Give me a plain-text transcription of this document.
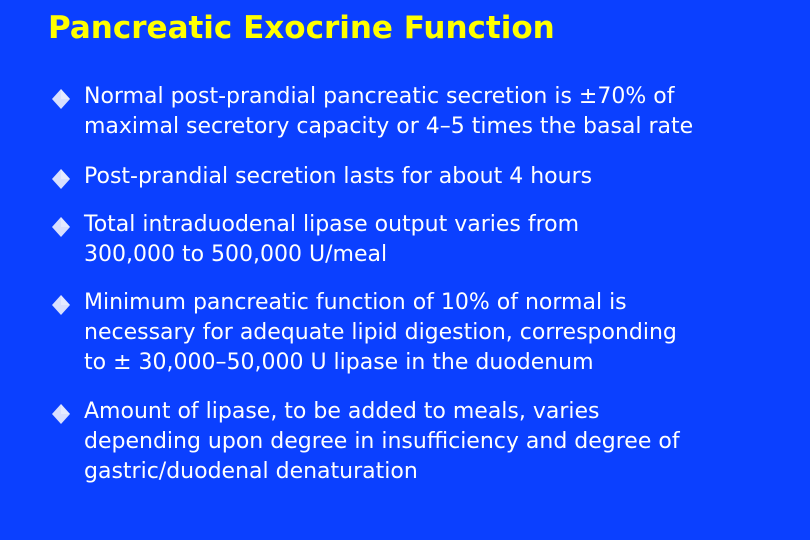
Pancreatic Exocrine Function
Normal post-prandial pancreatic secretion is ±70% of
maximal secretory capacity or 4–5 times the basal rate
Post-prandial secretion lasts for about 4 hours
Total intraduodenal lipase output varies from
300,000 to 500,000 U/meal
Minimum pancreatic function of 10% of normal is
necessary for adequate lipid digestion, corresponding
to ± 30,000–50,000 U lipase in the duodenum
Amount of lipase, to be added to meals, varies
depending upon degree in insufficiency and degree of
gastric/duodenal denaturation
